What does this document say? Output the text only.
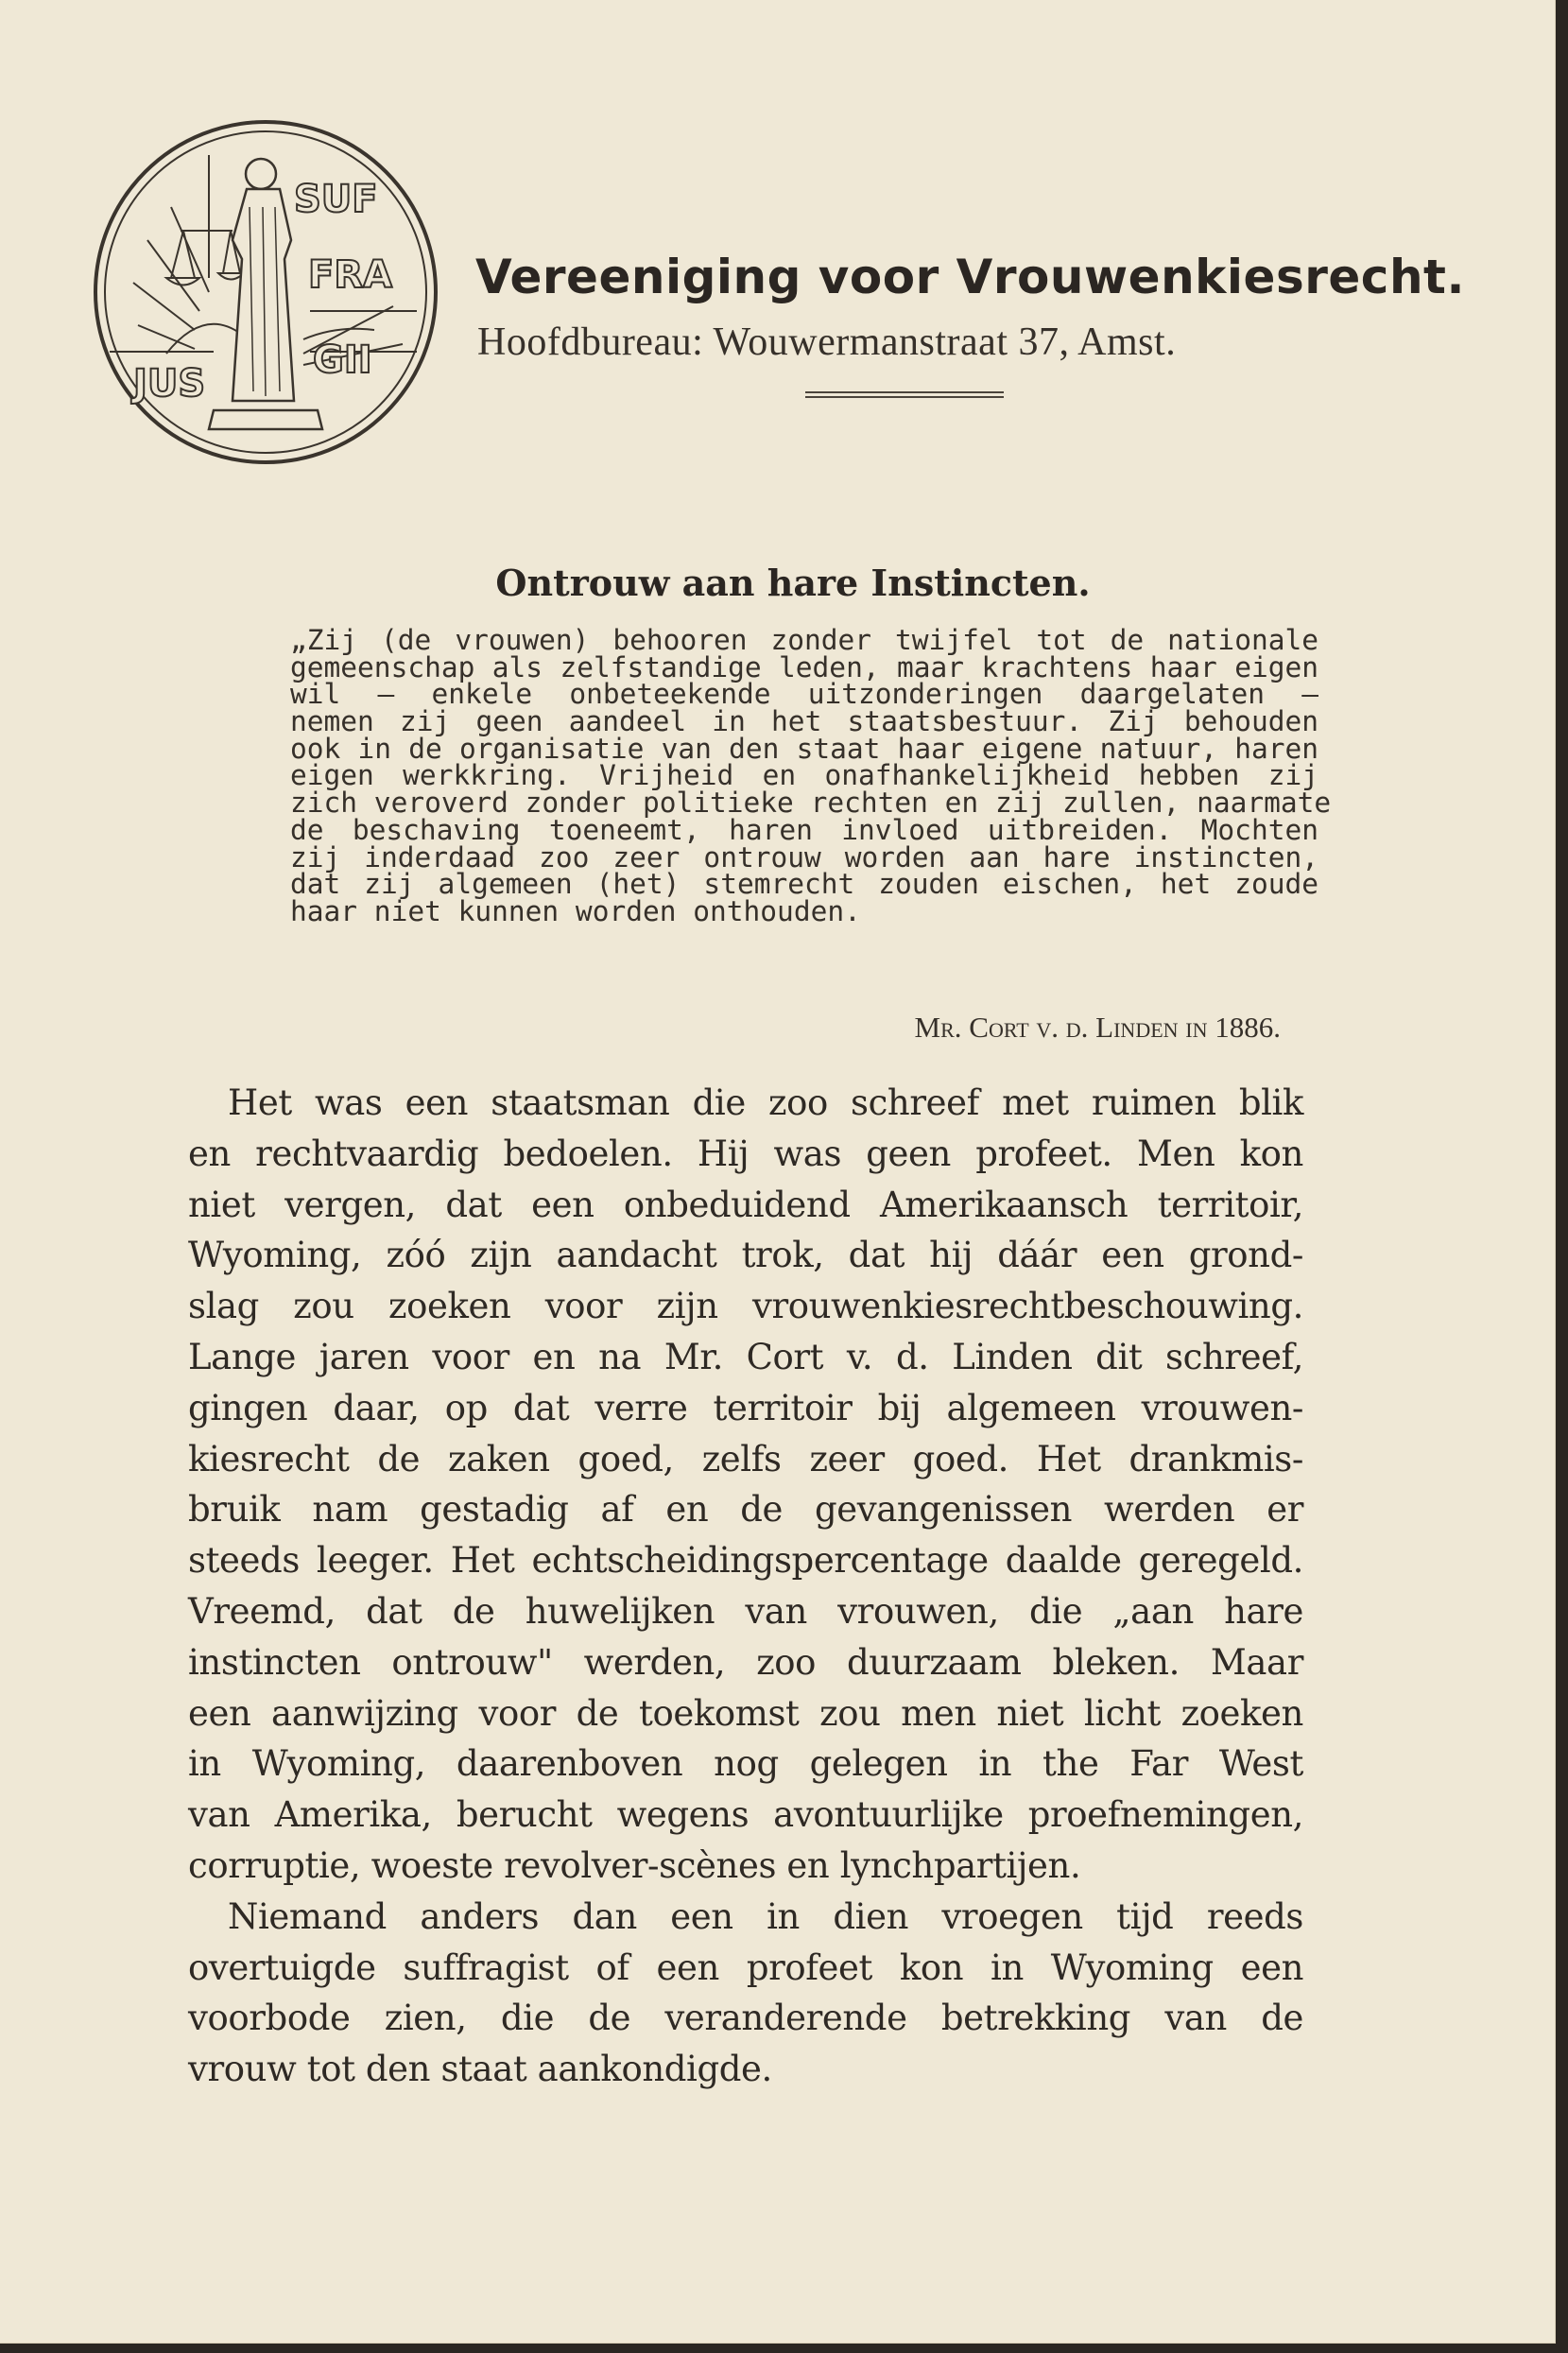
SUF
FRA
GII
JUS
Vereeniging voor Vrouwenkiesrecht.
Hoofdbureau: Wouwermanstraat 37, Amst.
Ontrouw aan hare Instincten.
„Zij (de vrouwen) behooren zonder twijfel tot de nationale
gemeenschap als zelfstandige leden, maar krachtens haar eigen
wil — enkele onbeteekende uitzonderingen daargelaten —
nemen zij geen aandeel in het staatsbestuur. Zij behouden
ook in de organisatie van den staat haar eigene natuur, haren
eigen werkkring. Vrijheid en onafhankelijkheid hebben zij
zich veroverd zonder politieke rechten en zij zullen, naarmate
de beschaving toeneemt, haren invloed uitbreiden. Mochten
zij inderdaad zoo zeer ontrouw worden aan hare instincten,
dat zij algemeen (het) stemrecht zouden eischen, het zoude
haar niet kunnen worden onthouden.
Mr. Cort v. d. Linden in 1886.
Het was een staatsman die zoo schreef met ruimen blik
en rechtvaardig bedoelen. Hij was geen profeet. Men kon
niet vergen, dat een onbeduidend Amerikaansch territoir,
Wyoming, zóó zijn aandacht trok, dat hij dáár een grond-
slag zou zoeken voor zijn vrouwenkiesrechtbeschouwing.
Lange jaren voor en na Mr. Cort v. d. Linden dit schreef,
gingen daar, op dat verre territoir bij algemeen vrouwen-
kiesrecht de zaken goed, zelfs zeer goed. Het drankmis-
bruik nam gestadig af en de gevangenissen werden er
steeds leeger. Het echtscheidingspercentage daalde geregeld.
Vreemd, dat de huwelijken van vrouwen, die „aan hare
instincten ontrouw" werden, zoo duurzaam bleken. Maar
een aanwijzing voor de toekomst zou men niet licht zoeken
in Wyoming, daarenboven nog gelegen in the Far West
van Amerika, berucht wegens avontuurlijke proefnemingen,
corruptie, woeste revolver-scènes en lynchpartijen.
Niemand anders dan een in dien vroegen tijd reeds
overtuigde suffragist of een profeet kon in Wyoming een
voorbode zien, die de veranderende betrekking van de
vrouw tot den staat aankondigde.
